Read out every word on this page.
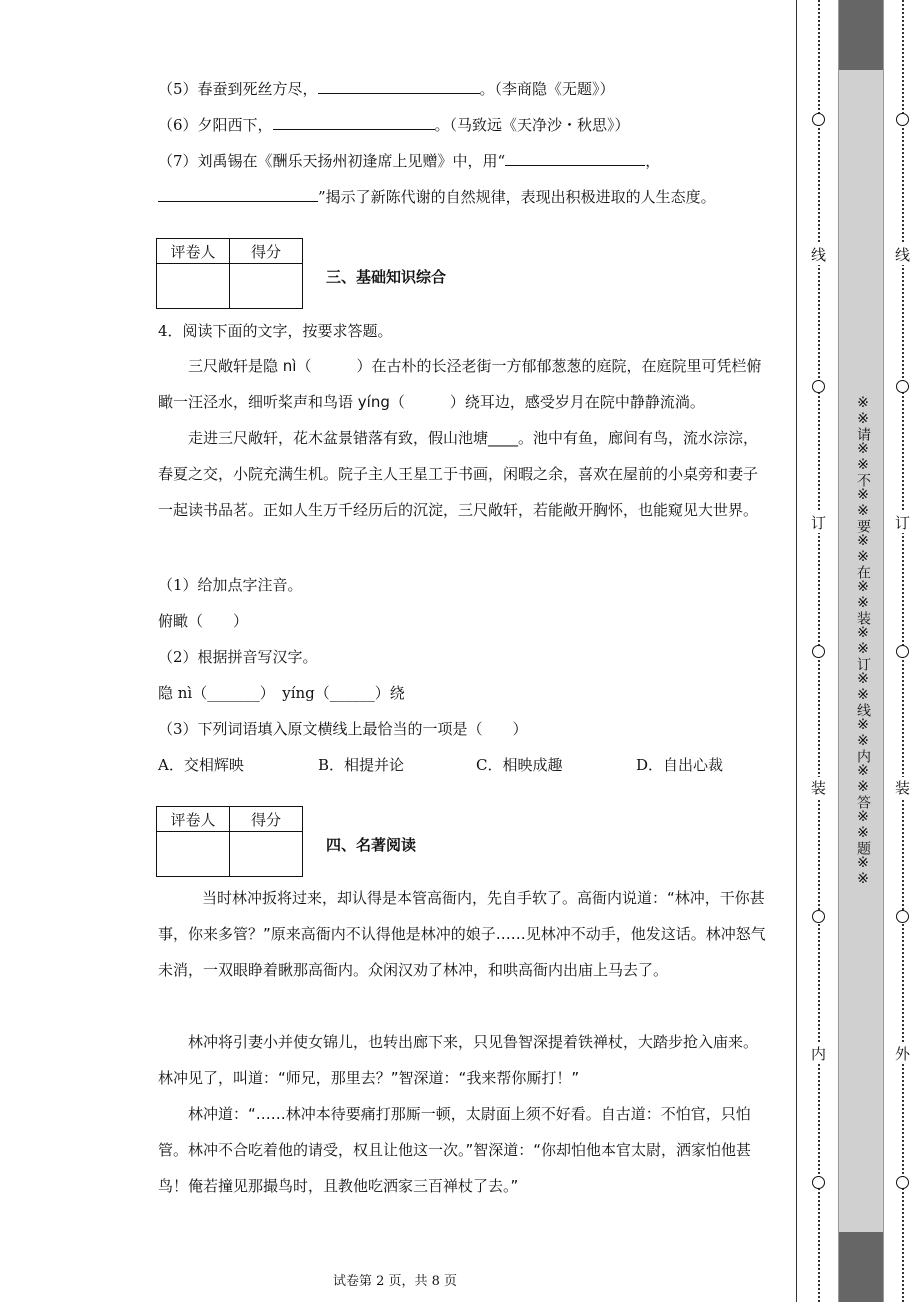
（5）春蚕到死丝方尽，	。（李商隐《无题》）
（6）夕阳西下，	。（马致远《天净沙・秋思》）
（7）刘禹锡在《酬乐天扬州初逢席上见赠》中，用“	，
”揭示了新陈代谢的自然规律，表现出积极进取的人生态度。
评卷人	得分

三、基础知识综合
4．阅读下面的文字，按要求答题。
三尺敞轩是隐 nì（　　　）在古朴的长泾老街一方郁郁葱葱的庭院，在庭院里可凭栏俯瞰一汪泾水，细听桨声和鸟语 yíng（　　　）绕耳边，感受岁月在院中静静流淌。
走进三尺敞轩，花木盆景错落有致，假山池塘____。池中有鱼，廊间有鸟，流水淙淙，春夏之交，小院充满生机。院子主人王星工于书画，闲暇之余，喜欢在屋前的小桌旁和妻子一起读书品茗。正如人生万千经历后的沉淀，三尺敞轩，若能敞开胸怀，也能窥见大世界。
（1）给加点字注音。
俯瞰（　　）
（2）根据拼音写汉字。
隐 nì（_______）　yíng（______）绕
（3）下列词语填入原文横线上最恰当的一项是（　　）
A．交相辉映	B．相提并论	C．相映成趣	D．自出心裁
评卷人	得分

四、名著阅读
当时林冲扳将过来，却认得是本管高衙内，先自手软了。高衙内说道：“林冲，干你甚事，你来多管？”原来高衙内不认得他是林冲的娘子……见林冲不动手，他发这话。林冲怒气未消，一双眼睁着瞅那高衙内。众闲汉劝了林冲，和哄高衙内出庙上马去了。
林冲将引妻小并使女锦儿，也转出廊下来，只见鲁智深提着铁禅杖，大踏步抢入庙来。林冲见了，叫道：“师兄，那里去？”智深道：“我来帮你厮打！”
林冲道：“……林冲本待要痛打那厮一顿，太尉面上须不好看。自古道：不怕官，只怕管。林冲不合吃着他的请受，权且让他这一次。”智深道：“你却怕他本官太尉，洒家怕他甚鸟！俺若撞见那撮鸟时，且教他吃洒家三百禅杖了去。”
试卷第 2 页，共 8 页
线
订
装
内
※※请※※不※※要※※在※※装※※订※※线※※内※※答※※题※※
线
订
装
外
